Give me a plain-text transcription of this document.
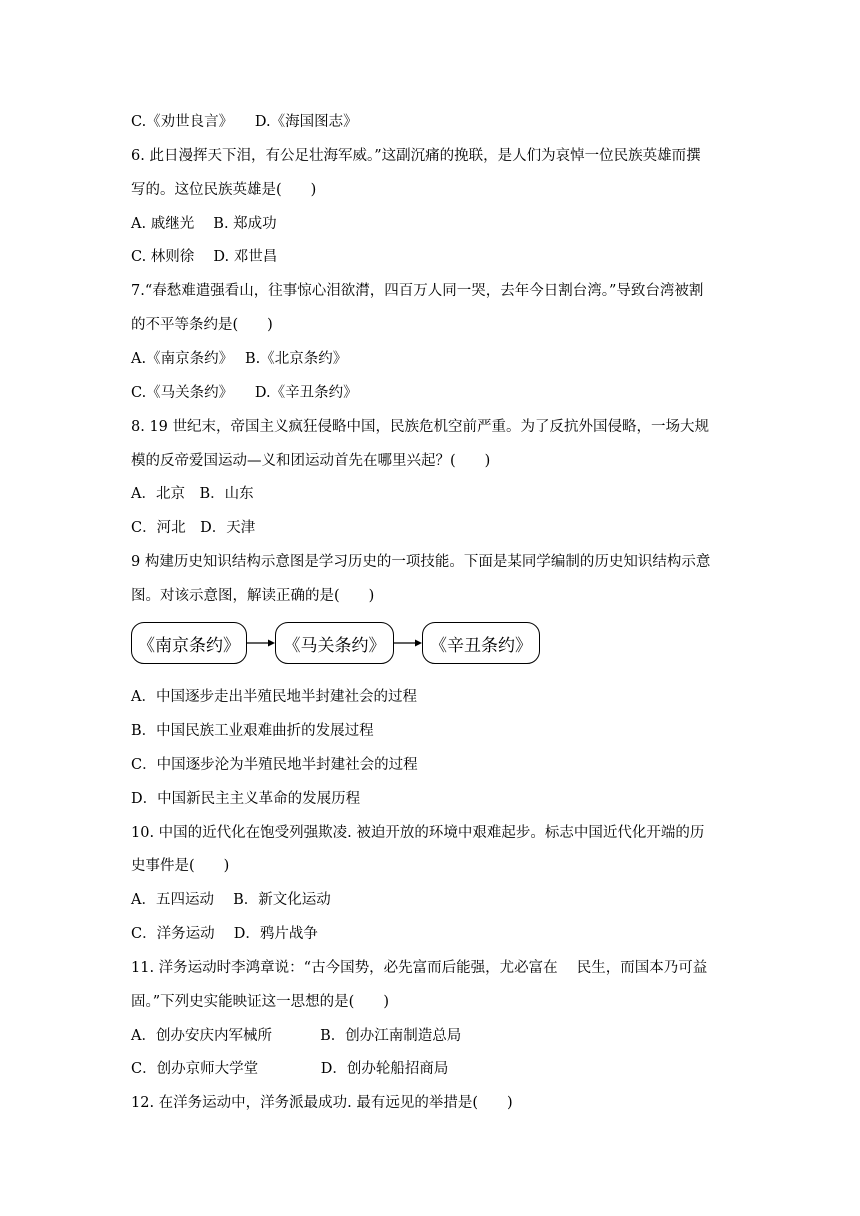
C.《劝世良言》　　D.《海国图志》
6. 此日漫挥天下泪，有公足壮海军威。”这副沉痛的挽联，是人们为哀悼一位民族英雄而撰
写的。这位民族英雄是(　　)
A. 戚继光　 B. 郑成功
C. 林则徐　 D. 邓世昌
7.“春愁难遣强看山，往事惊心泪欲潸，四百万人同一哭，去年今日割台湾。”导致台湾被割
的不平等条约是(　　)
A.《南京条约》　 B.《北京条约》
C.《马关条约》　　D.《辛丑条约》
8. 19 世纪末，帝国主义疯狂侵略中国，民族危机空前严重。为了反抗外国侵略，一场大规
模的反帝爱国运动—义和团运动首先在哪里兴起？(　　)
A．北京　B．山东
C．河北　D．天津
9 构建历史知识结构示意图是学习历史的一项技能。下面是某同学编制的历史知识结构示意
图。对该示意图，解读正确的是(　　)
《南京条约》	《马关条约》	《辛丑条约》
A．中国逐步走出半殖民地半封建社会的过程
B．中国民族工业艰难曲折的发展过程
C．中国逐步沦为半殖民地半封建社会的过程
D．中国新民主主义革命的发展历程
10. 中国的近代化在饱受列强欺凌. 被迫开放的环境中艰难起步。标志中国近代化开端的历
史事件是(　　)
A．五四运动　 B．新文化运动
C．洋务运动　 D．鸦片战争
11. 洋务运动时李鸿章说：“古今国势，必先富而后能强，尤必富在　 民生，而国本乃可益
固。”下列史实能映证这一思想的是(　　)
A．创办安庆内军械所　　　 B．创办江南制造总局
C．创办京师大学堂　　　　 D．创办轮船招商局
12. 在洋务运动中，洋务派最成功. 最有远见的举措是(　　)
